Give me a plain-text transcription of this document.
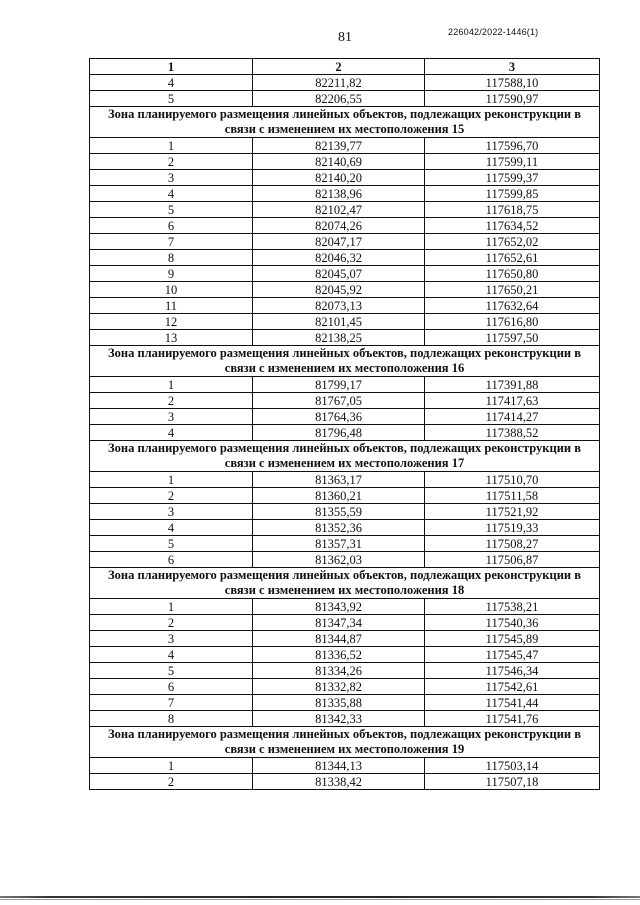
81	226042/2022-1446(1)
1	2	3
4	82211,82	117588,10
5	82206,55	117590,97
Зона планируемого размещения линейных объектов, подлежащих реконструкции в связи с изменением их местоположения 15		
1	82139,77	117596,70
2	82140,69	117599,11
3	82140,20	117599,37
4	82138,96	117599,85
5	82102,47	117618,75
6	82074,26	117634,52
7	82047,17	117652,02
8	82046,32	117652,61
9	82045,07	117650,80
10	82045,92	117650,21
11	82073,13	117632,64
12	82101,45	117616,80
13	82138,25	117597,50
Зона планируемого размещения линейных объектов, подлежащих реконструкции в связи с изменением их местоположения 16		
1	81799,17	117391,88
2	81767,05	117417,63
3	81764,36	117414,27
4	81796,48	117388,52
Зона планируемого размещения линейных объектов, подлежащих реконструкции в связи с изменением их местоположения 17		
1	81363,17	117510,70
2	81360,21	117511,58
3	81355,59	117521,92
4	81352,36	117519,33
5	81357,31	117508,27
6	81362,03	117506,87
Зона планируемого размещения линейных объектов, подлежащих реконструкции в связи с изменением их местоположения 18		
1	81343,92	117538,21
2	81347,34	117540,36
3	81344,87	117545,89
4	81336,52	117545,47
5	81334,26	117546,34
6	81332,82	117542,61
7	81335,88	117541,44
8	81342,33	117541,76
Зона планируемого размещения линейных объектов, подлежащих реконструкции в связи с изменением их местоположения 19		
1	81344,13	117503,14
2	81338,42	117507,18
